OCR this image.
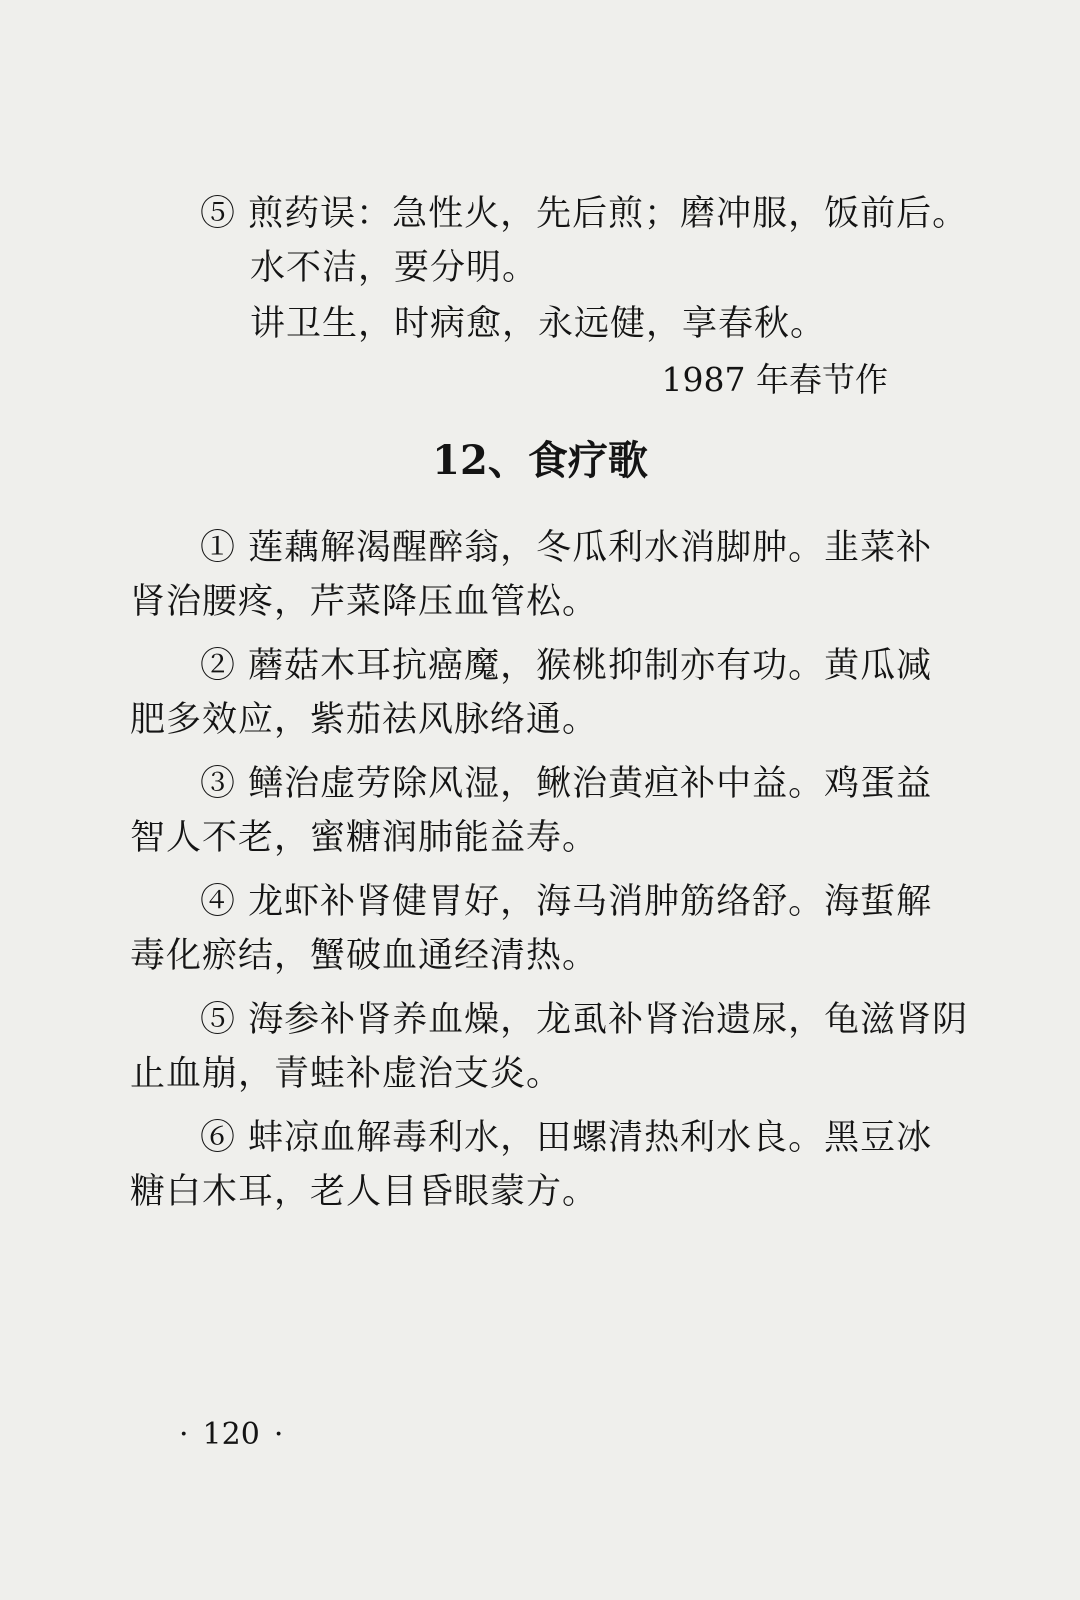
⑤ 煎药误：急性火，先后煎；磨冲服，饭前后。
水不洁，要分明。
讲卫生，时病愈，永远健，享春秋。
1987 年春节作
12、食疗歌
① 莲藕解渴醒醉翁，冬瓜利水消脚肿。韭菜补
肾治腰疼，芹菜降压血管松。
② 蘑菇木耳抗癌魔，猴桃抑制亦有功。黄瓜减
肥多效应，紫茄祛风脉络通。
③ 鳝治虚劳除风湿，鳅治黄疸补中益。鸡蛋益
智人不老，蜜糖润肺能益寿。
④ 龙虾补肾健胃好，海马消肿筋络舒。海蜇解
毒化瘀结，蟹破血通经清热。
⑤ 海参补肾养血燥，龙虱补肾治遗尿，龟滋肾阴
止血崩，青蛙补虚治支炎。
⑥ 蚌凉血解毒利水，田螺清热利水良。黑豆冰
糖白木耳，老人目昏眼蒙方。
· 120 ·
